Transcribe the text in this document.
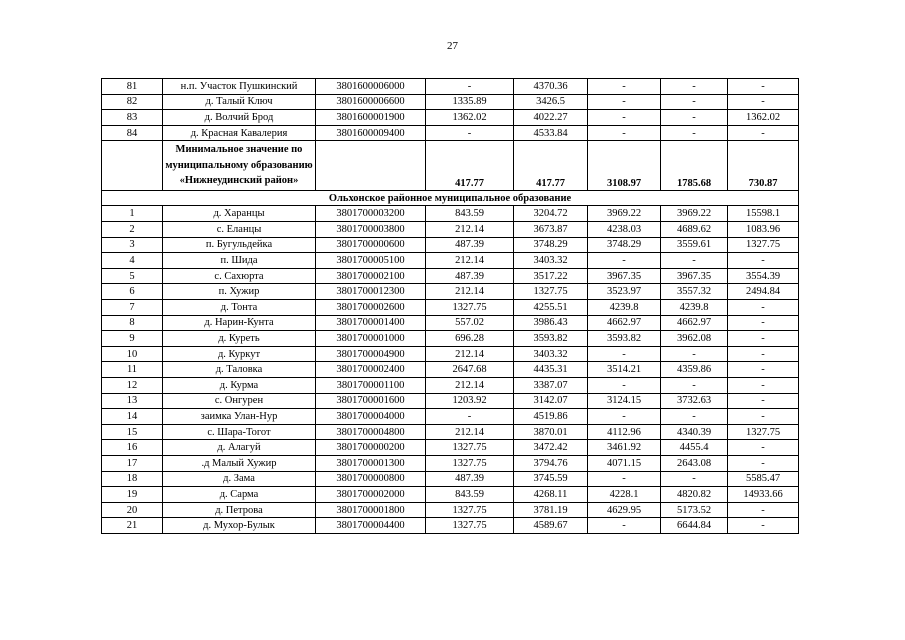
27
81	н.п. Участок Пушкинский	3801600006000	-	4370.36	-	-	-
82	д. Талый Ключ	3801600006600	1335.89	3426.5	-	-	-
83	д. Волчий Брод	3801600001900	1362.02	4022.27	-	-	1362.02
84	д. Красная Кавалерия	3801600009400	-	4533.84	-	-	-
	Минимальное значение по муниципальному образованию «Нижнеудинский район»		417.77	417.77	3108.97	1785.68	730.87
Ольхонское районное муниципальное образование							
1	д. Харанцы	3801700003200	843.59	3204.72	3969.22	3969.22	15598.1
2	с. Еланцы	3801700003800	212.14	3673.87	4238.03	4689.62	1083.96
3	п. Бугульдейка	3801700000600	487.39	3748.29	3748.29	3559.61	1327.75
4	п. Шида	3801700005100	212.14	3403.32	-	-	-
5	с. Сахюрта	3801700002100	487.39	3517.22	3967.35	3967.35	3554.39
6	п. Хужир	3801700012300	212.14	1327.75	3523.97	3557.32	2494.84
7	д. Тонта	3801700002600	1327.75	4255.51	4239.8	4239.8	-
8	д. Нарин-Кунта	3801700001400	557.02	3986.43	4662.97	4662.97	-
9	д. Куреть	3801700001000	696.28	3593.82	3593.82	3962.08	-
10	д. Куркут	3801700004900	212.14	3403.32	-	-	-
11	д. Таловка	3801700002400	2647.68	4435.31	3514.21	4359.86	-
12	д. Курма	3801700001100	212.14	3387.07	-	-	-
13	с. Онгурен	3801700001600	1203.92	3142.07	3124.15	3732.63	-
14	заимка Улан-Нур	3801700004000	-	4519.86	-	-	-
15	с. Шара-Тогот	3801700004800	212.14	3870.01	4112.96	4340.39	1327.75
16	д. Алагуй	3801700000200	1327.75	3472.42	3461.92	4455.4	-
17	.д Малый Хужир	3801700001300	1327.75	3794.76	4071.15	2643.08	-
18	д. Зама	3801700000800	487.39	3745.59	-	-	5585.47
19	д. Сарма	3801700002000	843.59	4268.11	4228.1	4820.82	14933.66
20	д. Петрова	3801700001800	1327.75	3781.19	4629.95	5173.52	-
21	д. Мухор-Булык	3801700004400	1327.75	4589.67	-	6644.84	-
